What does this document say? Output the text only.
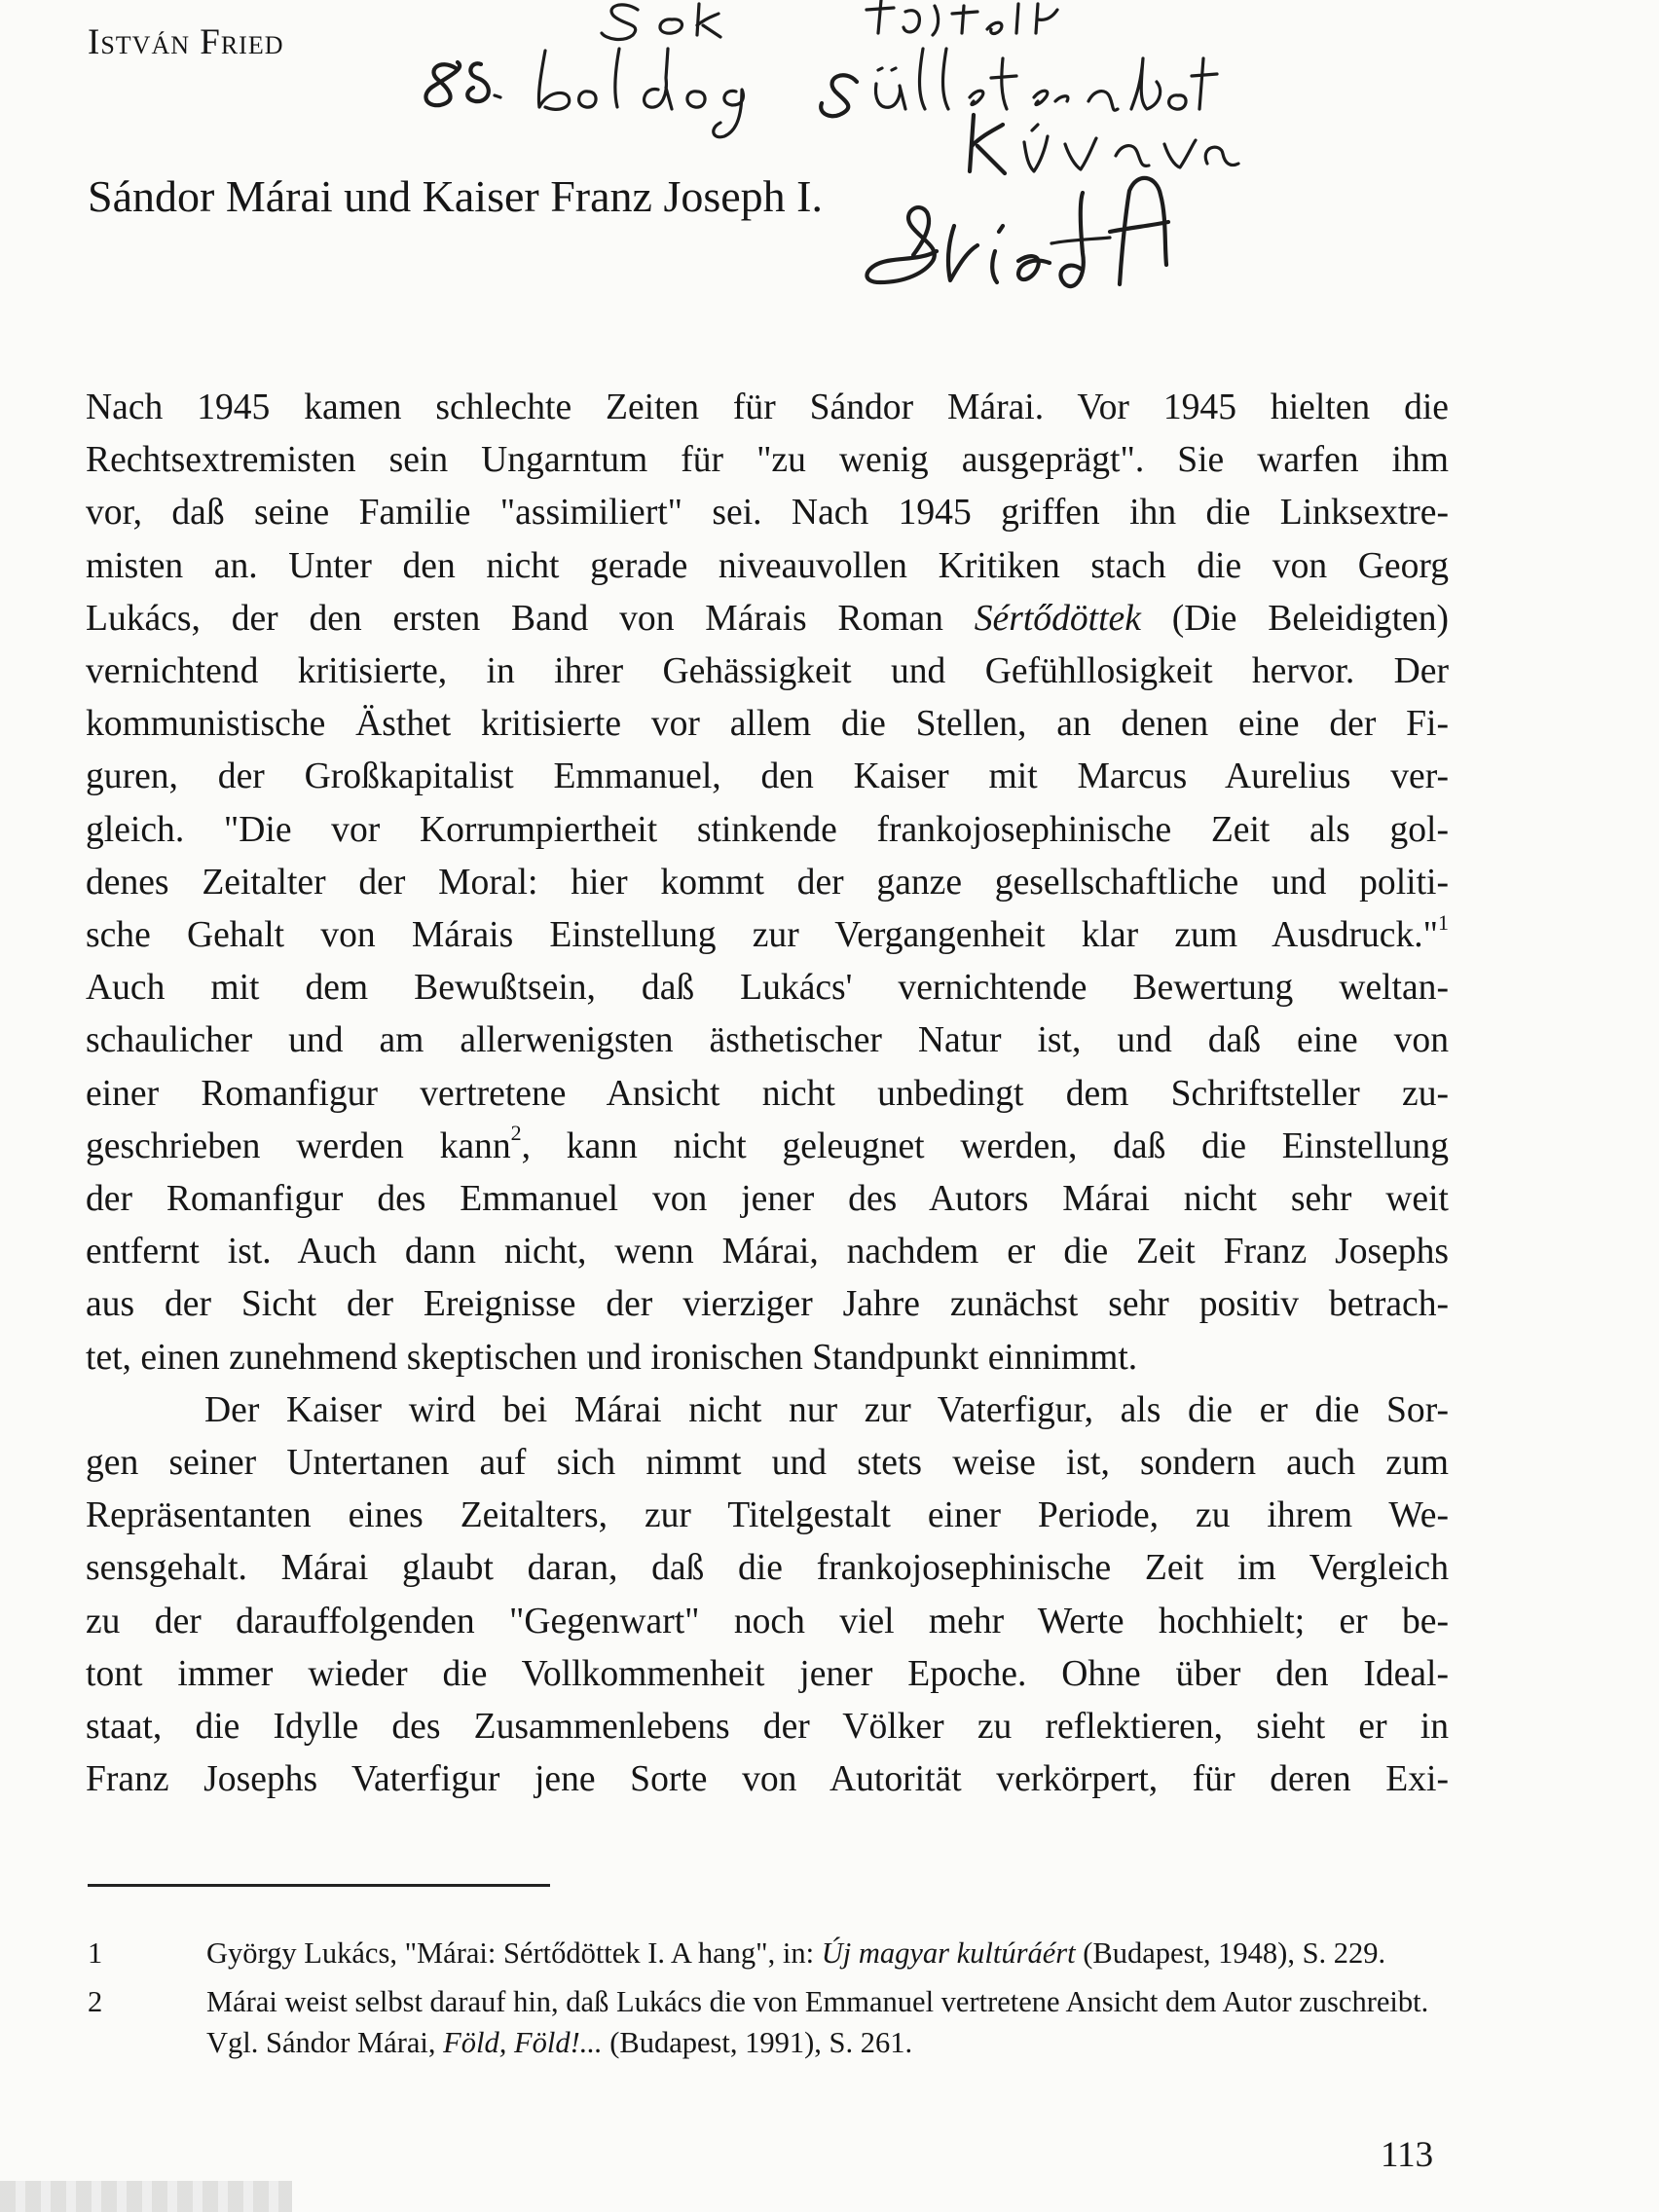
István Fried
Sándor Márai und Kaiser Franz Joseph I.

Nach 1945 kamen schlechte Zeiten für Sándor Márai. Vor 1945 hielten die
Rechtsextremisten sein Ungarntum für "zu wenig ausgeprägt". Sie warfen ihm
vor, daß seine Familie "assimiliert" sei. Nach 1945 griffen ihn die Linksextre-
misten an. Unter den nicht gerade niveauvollen Kritiken stach die von Georg
Lukács, der den ersten Band von Márais Roman Sértődöttek (Die Beleidigten)
vernichtend kritisierte, in ihrer Gehässigkeit und Gefühllosigkeit hervor. Der
kommunistische Ästhet kritisierte vor allem die Stellen, an denen eine der Fi-
guren, der Großkapitalist Emmanuel, den Kaiser mit Marcus Aurelius ver-
gleich. "Die vor Korrumpiertheit stinkende frankojosephinische Zeit als gol-
denes Zeitalter der Moral: hier kommt der ganze gesellschaftliche und politi-
sche Gehalt von Márais Einstellung zur Vergangenheit klar zum Ausdruck."$^1$
Auch mit dem Bewußtsein, daß Lukács' vernichtende Bewertung weltan-
schaulicher und am allerwenigsten ästhetischer Natur ist, und daß eine von
einer Romanfigur vertretene Ansicht nicht unbedingt dem Schriftsteller zu-
geschrieben werden kann$^2$, kann nicht geleugnet werden, daß die Einstellung
der Romanfigur des Emmanuel von jener des Autors Márai nicht sehr weit
entfernt ist. Auch dann nicht, wenn Márai, nachdem er die Zeit Franz Josephs
aus der Sicht der Ereignisse der vierziger Jahre zunächst sehr positiv betrach-
tet, einen zunehmend skeptischen und ironischen Standpunkt einnimmt.

Der Kaiser wird bei Márai nicht nur zur Vaterfigur, als die er die Sor-
gen seiner Untertanen auf sich nimmt und stets weise ist, sondern auch zum
Repräsentanten eines Zeitalters, zur Titelgestalt einer Periode, zu ihrem We-
sensgehalt. Márai glaubt daran, daß die frankojosephinische Zeit im Vergleich
zu der darauffolgenden "Gegenwart" noch viel mehr Werte hochhielt; er be-
tont immer wieder die Vollkommenheit jener Epoche. Ohne über den Ideal-
staat, die Idylle des Zusammenlebens der Völker zu reflektieren, sieht er in
Franz Josephs Vaterfigur jene Sorte von Autorität verkörpert, für deren Exi-

1	György Lukács, "Márai: Sértődöttek I. A hang", in: Új magyar kultúráért (Budapest, 1948), S. 229.
2	Márai weist selbst darauf hin, daß Lukács die von Emmanuel vertretene Ansicht dem Autor zuschreibt. Vgl. Sándor Márai, Föld, Föld!... (Budapest, 1991), S. 261.
113
